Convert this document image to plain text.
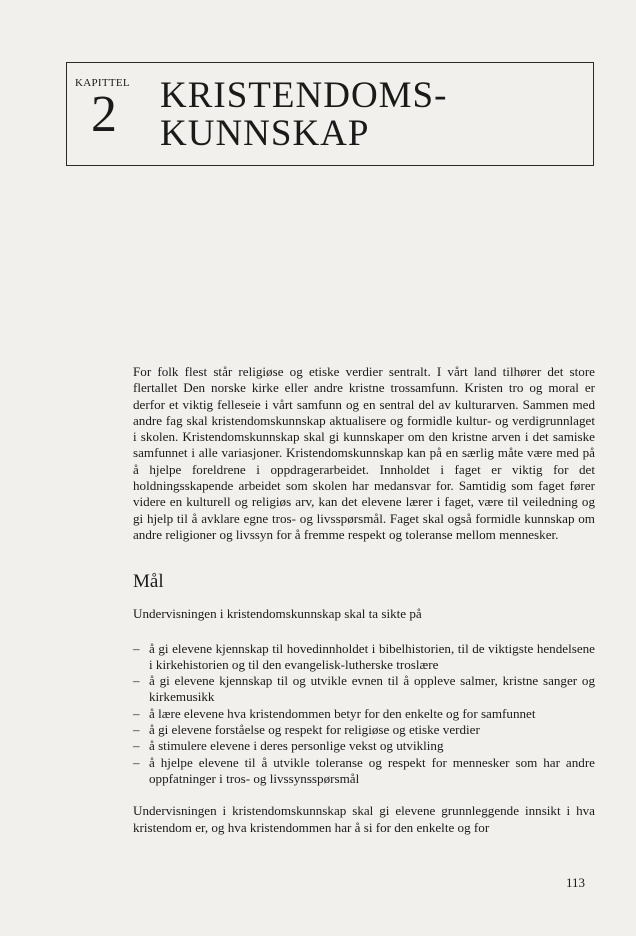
KAPITTEL
2 KRISTENDOMS-
KUNNSKAP

For folk flest står religiøse og etiske verdier sentralt. I vårt land tilhører det store flertallet Den norske kirke eller andre kristne trossamfunn. Kristen tro og moral er derfor et viktig felleseie i vårt samfunn og en sentral del av kulturarven. Sammen med andre fag skal kristendomskunnskap aktualisere og formidle kultur- og verdigrunnlaget i skolen. Kristendomskunnskap skal gi kunnskaper om den kristne arven i det samiske samfunnet i alle variasjoner. Kristendomskunnskap kan på en særlig måte være med på å hjelpe foreldrene i oppdragerarbeidet. Innholdet i faget er viktig for det holdningsskapende arbeidet som skolen har medansvar for. Samtidig som faget fører videre en kulturell og religiøs arv, kan det elevene lærer i faget, være til veiledning og gi hjelp til å avklare egne tros- og livsspørsmål. Faget skal også formidle kunnskap om andre religioner og livssyn for å fremme respekt og toleranse mellom mennesker.

Mål

Undervisningen i kristendomskunnskap skal ta sikte på

– å gi elevene kjennskap til hovedinnholdet i bibelhistorien, til de viktigste hendelsene i kirkehistorien og til den evangelisk-lutherske troslære
– å gi elevene kjennskap til og utvikle evnen til å oppleve salmer, kristne sanger og kirkemusikk
– å lære elevene hva kristendommen betyr for den enkelte og for samfunnet
– å gi elevene forståelse og respekt for religiøse og etiske verdier
– å stimulere elevene i deres personlige vekst og utvikling
– å hjelpe elevene til å utvikle toleranse og respekt for mennesker som har andre oppfatninger i tros- og livssynsspørsmål

Undervisningen i kristendomskunnskap skal gi elevene grunnleggende innsikt i hva kristendom er, og hva kristendommen har å si for den enkelte og for

113
